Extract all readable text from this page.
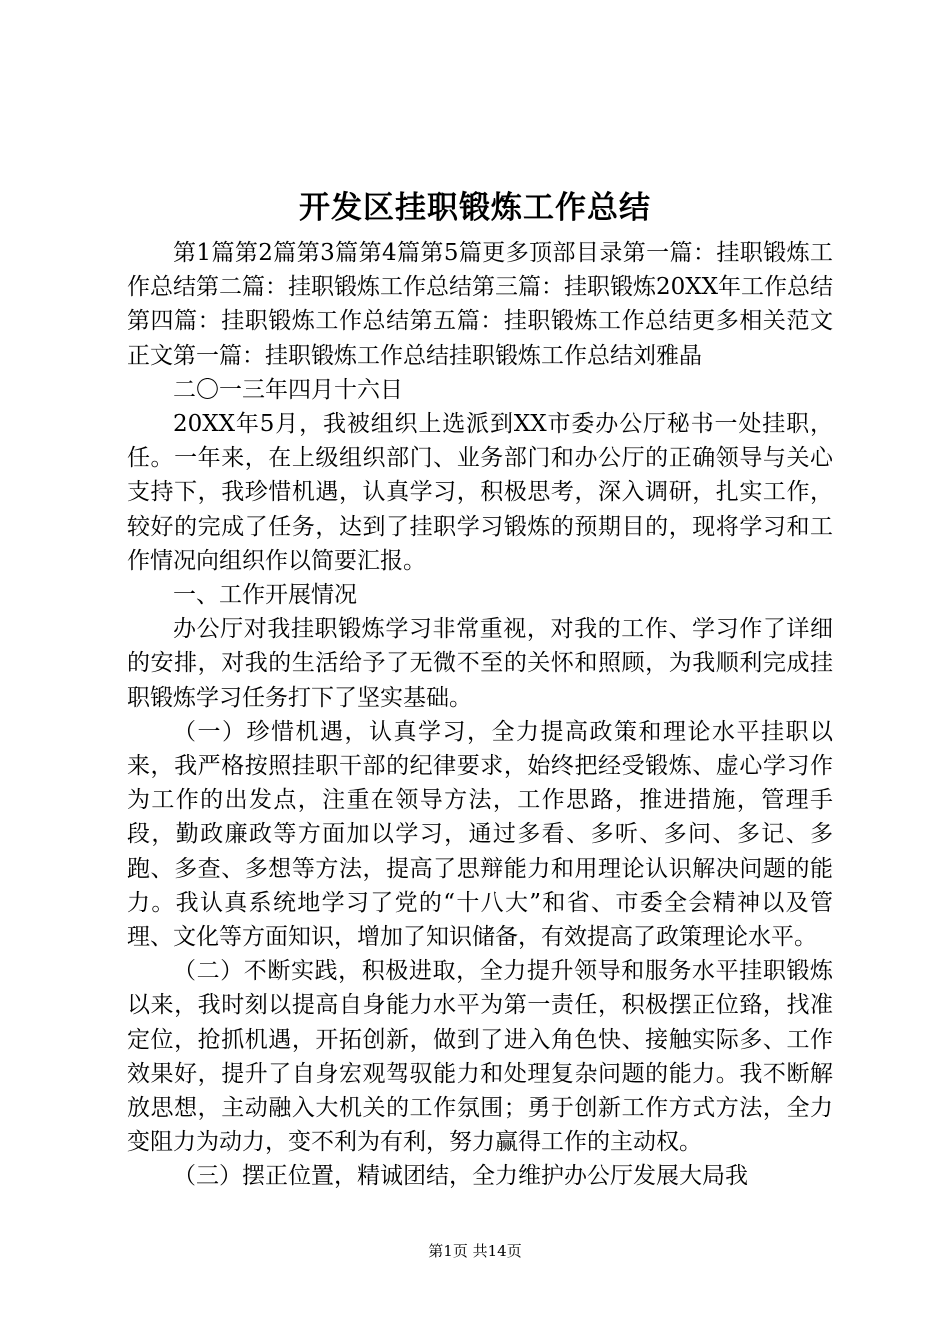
开发区挂职锻炼工作总结

第1篇第2篇第3篇第4篇第5篇更多顶部目录第一篇：挂职锻炼工作总结第二篇：挂职锻炼工作总结第三篇：挂职锻炼20XX年工作总结第四篇：挂职锻炼工作总结第五篇：挂职锻炼工作总结更多相关范文正文第一篇：挂职锻炼工作总结挂职锻炼工作总结刘雅晶

二〇一三年四月十六日

20XX年5月，我被组织上选派到XX市委办公厅秘书一处挂职，任。一年来，在上级组织部门、业务部门和办公厅的正确领导与关心支持下，我珍惜机遇，认真学习，积极思考，深入调研，扎实工作，较好的完成了任务，达到了挂职学习锻炼的预期目的，现将学习和工作情况向组织作以简要汇报。

一、工作开展情况

办公厅对我挂职锻炼学习非常重视，对我的工作、学习作了详细的安排，对我的生活给予了无微不至的关怀和照顾，为我顺利完成挂职锻炼学习任务打下了坚实基础。

（一）珍惜机遇，认真学习，全力提高政策和理论水平挂职以来，我严格按照挂职干部的纪律要求，始终把经受锻炼、虚心学习作为工作的出发点，注重在领导方法，工作思路，推进措施，管理手段，勤政廉政等方面加以学习，通过多看、多听、多问、多记、多跑、多查、多想等方法，提高了思辩能力和用理论认识解决问题的能力。我认真系统地学习了党的“十八大”和省、市委全会精神以及管理、文化等方面知识，增加了知识储备，有效提高了政策理论水平。

（二）不断实践，积极进取，全力提升领导和服务水平挂职锻炼以来，我时刻以提高自身能力水平为第一责任，积极摆正位臵，找准定位，抢抓机遇，开拓创新，做到了进入角色快、接触实际多、工作效果好，提升了自身宏观驾驭能力和处理复杂问题的能力。我不断解放思想，主动融入大机关的工作氛围；勇于创新工作方式方法，全力变阻力为动力，变不利为有利，努力赢得工作的主动权。

（三）摆正位置，精诚团结，全力维护办公厅发展大局我

第1页 共14页
